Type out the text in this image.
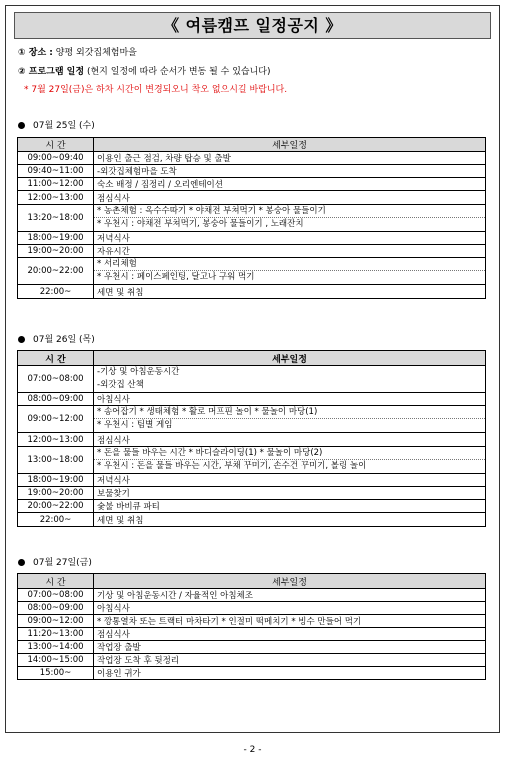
《 여름캠프 일정공지 》
① 장소 : 양평 외갓집체험마을
② 프로그램 일정 (현지 일정에 따라 순서가 변동 될 수 있습니다)
* 7월 27일(금)은 하차 시간이 변경되오니 착오 없으시길 바랍니다.
07월 25일 (수)
시 간	세부일정
09:00~09:40	이용인 출근 점검, 차량 탑승 및 출발
09:40~11:00	-외갓집체험마을 도착
11:00~12:00	숙소 배정 / 짐정리 / 오리엔테이션
12:00~13:00	점심식사
13:20~18:00	* 농촌체험 : 옥수수따기 * 야채전 부쳐먹기 * 봉숭아 물들이기
* 우천시 : 야채전 부쳐먹기, 봉숭아 물들이기 , 노래잔치

18:00~19:00	저녁식사
19:00~20:00	자유시간
20:00~22:00	* 서리체험
* 우천시 : 페이스페인팅, 달고나 구워 먹기

22:00~	세면 및 취침
07월 26일 (목)
시 간	세부일정
07:00~08:00	-기상 및 아침운동시간
-외갓집 산책

08:00~09:00	아침식사
09:00~12:00	* 송어잡기 * 생태체험 * 활로 머프핀 놀이 * 물놀이 마당(1)
* 우천시 : 팀별 게임

12:00~13:00	점심식사
13:00~18:00	* 돈을 물들 바우는 시간 * 바디슬라이딩(1) * 물놀이 마당(2)
* 우천시 : 돈을 물들 바우는 시간, 부채 꾸미기, 손수건 꾸미기, 볼링 놀이

18:00~19:00	저녁식사
19:00~20:00	보물찾기
20:00~22:00	숯불 바비큐 파티
22:00~	세면 및 취침
07월 27일(금)
시 간	세부일정
07:00~08:00	기상 및 아침운동시간 / 자율적인 아침체조
08:00~09:00	아침식사
09:00~12:00	* 깡통열차 또는 트랙터 마차타기 * 인절미 떡메치기 * 빙수 만들어 먹기
11:20~13:00	점심식사
13:00~14:00	작업장 출발
14:00~15:00	작업장 도착 후 뒷정리
15:00~	이용인 귀가
- 2 -
